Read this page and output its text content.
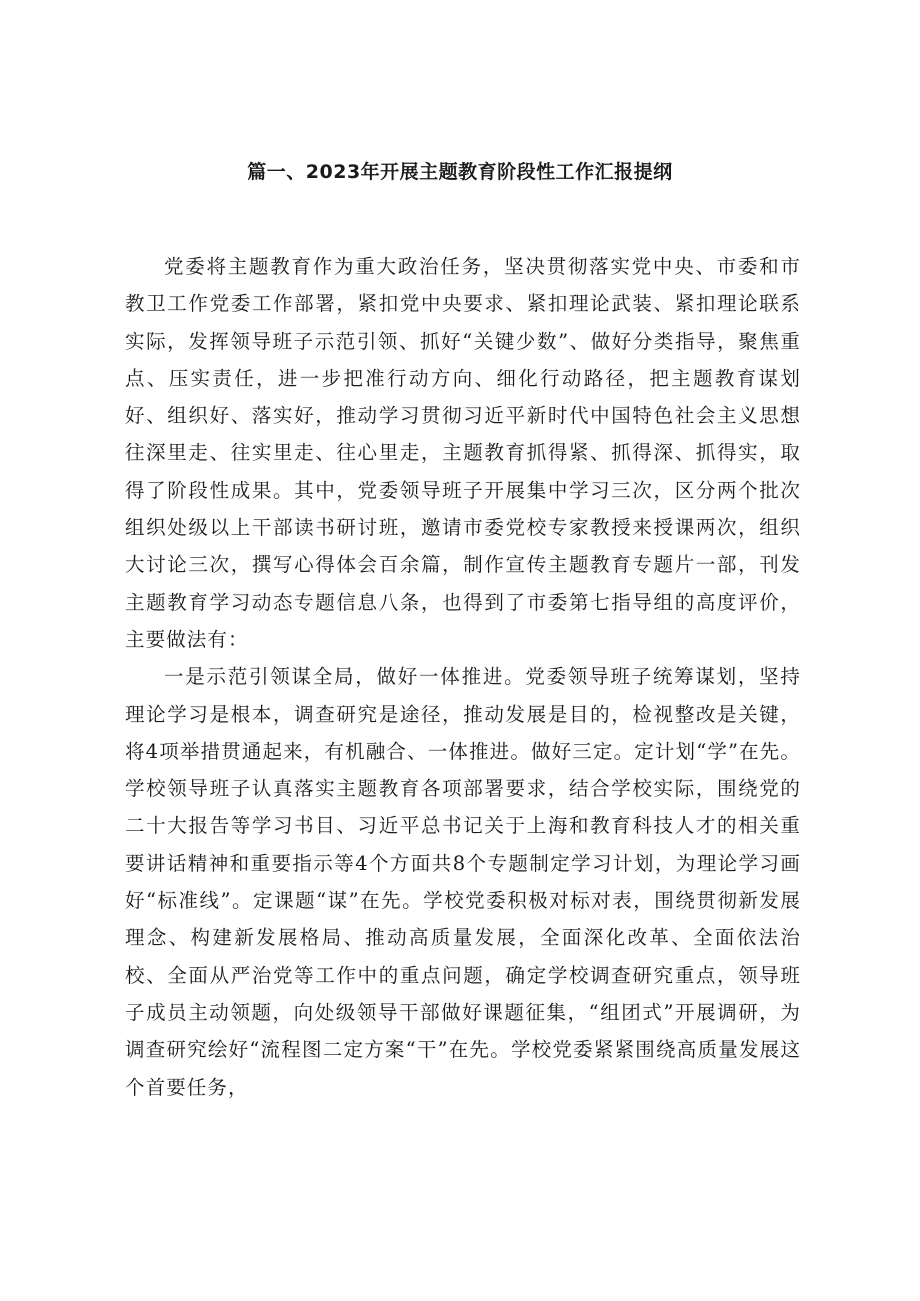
篇一、2023年开展主题教育阶段性工作汇报提纲

党委将主题教育作为重大政治任务，坚决贯彻落实党中央、市委和市教卫工作党委工作部署，紧扣党中央要求、紧扣理论武装、紧扣理论联系实际，发挥领导班子示范引领、抓好“关键少数”、做好分类指导，聚焦重点、压实责任，进一步把准行动方向、细化行动路径，把主题教育谋划好、组织好、落实好，推动学习贯彻习近平新时代中国特色社会主义思想往深里走、往实里走、往心里走，主题教育抓得紧、抓得深、抓得实，取得了阶段性成果。其中，党委领导班子开展集中学习三次，区分两个批次组织处级以上干部读书研讨班，邀请市委党校专家教授来授课两次，组织大讨论三次，撰写心得体会百余篇，制作宣传主题教育专题片一部，刊发主题教育学习动态专题信息八条，也得到了市委第七指导组的高度评价，主要做法有：

一是示范引领谋全局，做好一体推进。党委领导班子统筹谋划，坚持理论学习是根本，调查研究是途径，推动发展是目的，检视整改是关键，将4项举措贯通起来，有机融合、一体推进。做好三定。定计划“学”在先。学校领导班子认真落实主题教育各项部署要求，结合学校实际，围绕党的二十大报告等学习书目、习近平总书记关于上海和教育科技人才的相关重要讲话精神和重要指示等4个方面共8个专题制定学习计划，为理论学习画好“标准线”。定课题“谋”在先。学校党委积极对标对表，围绕贯彻新发展理念、构建新发展格局、推动高质量发展，全面深化改革、全面依法治校、全面从严治党等工作中的重点问题，确定学校调查研究重点，领导班子成员主动领题，向处级领导干部做好课题征集，“组团式”开展调研，为调查研究绘好“流程图二定方案“干”在先。学校党委紧紧围绕高质量发展这个首要任务，
